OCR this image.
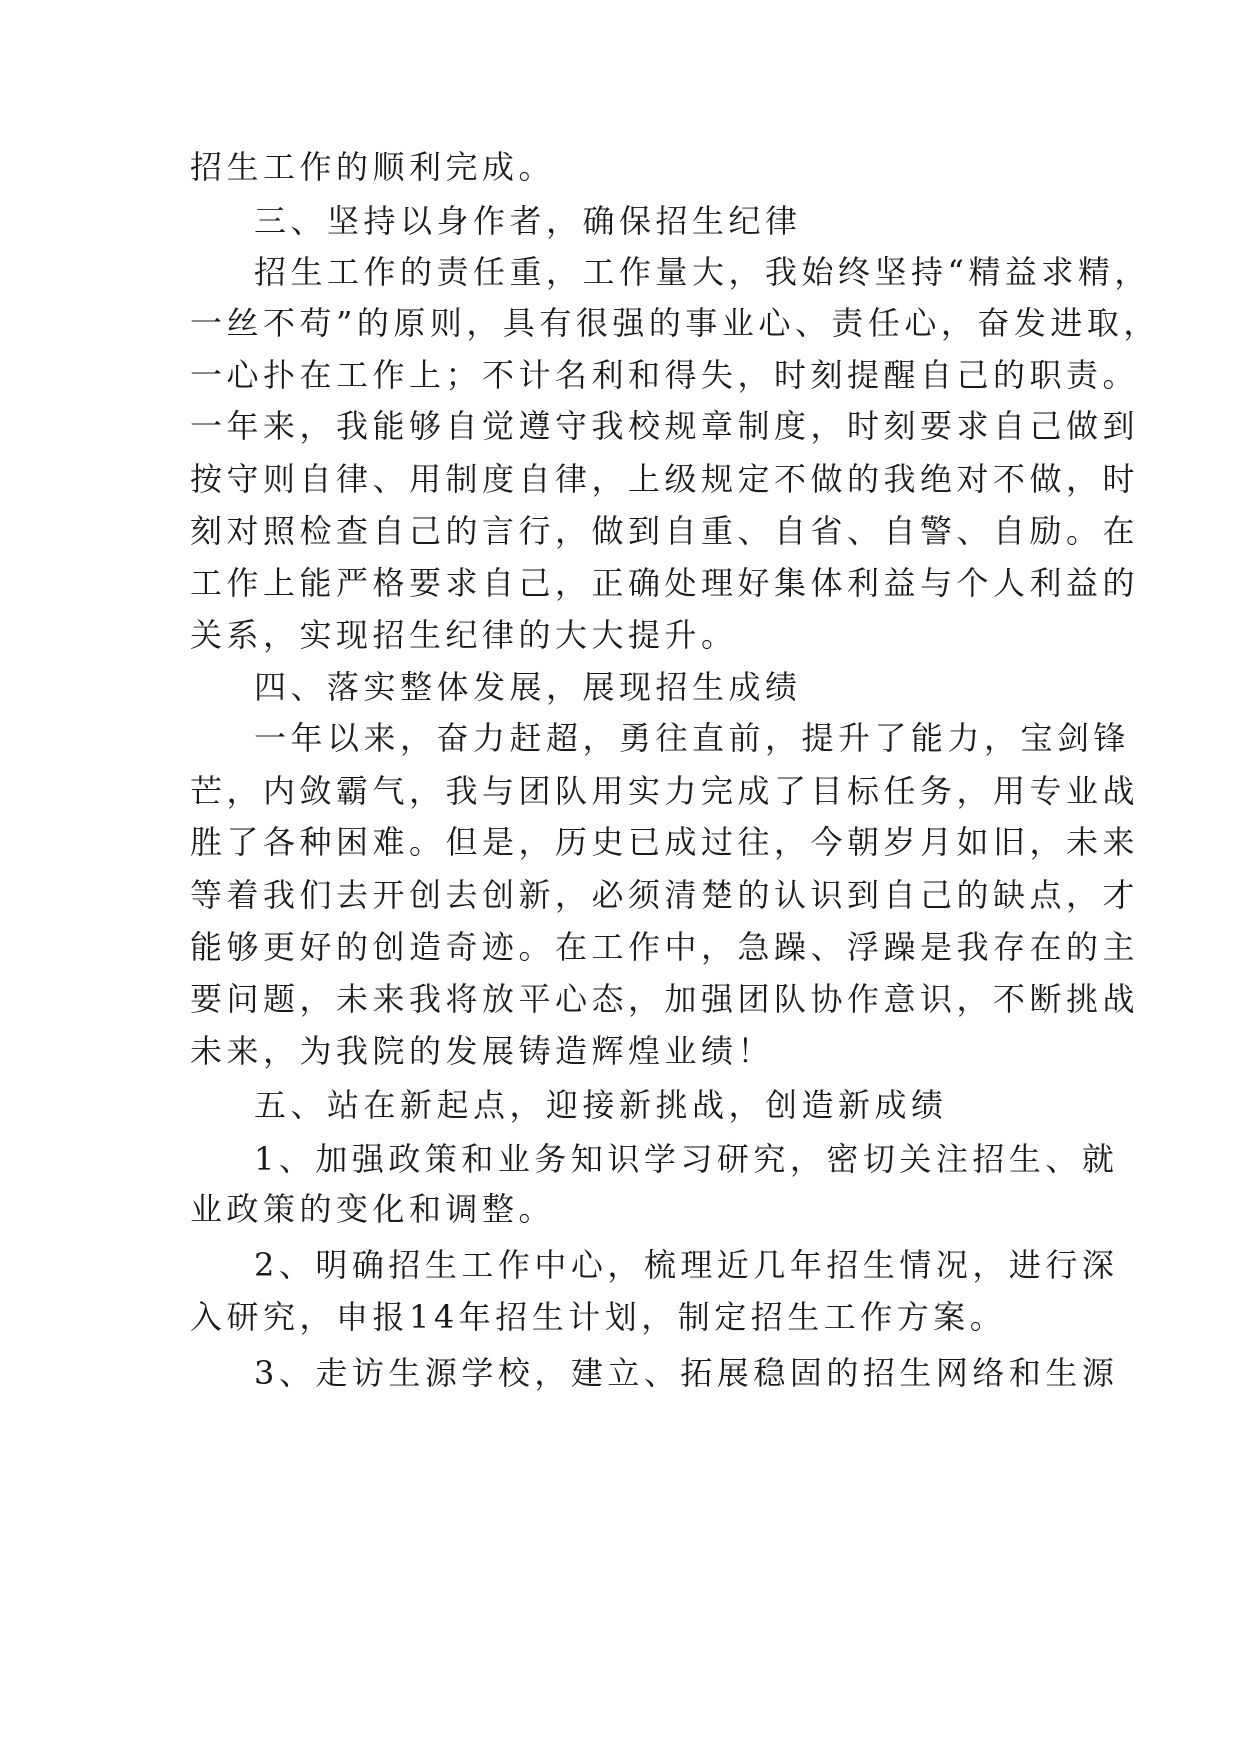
招生工作的顺利完成。
三、坚持以身作者，确保招生纪律
招生工作的责任重，工作量大，我始终坚持“精益求精，
一丝不苟”的原则，具有很强的事业心、责任心，奋发进取，
一心扑在工作上；不计名利和得失，时刻提醒自己的职责。
一年来，我能够自觉遵守我校规章制度，时刻要求自己做到
按守则自律、用制度自律，上级规定不做的我绝对不做，时
刻对照检查自己的言行，做到自重、自省、自警、自励。在
工作上能严格要求自己，正确处理好集体利益与个人利益的
关系，实现招生纪律的大大提升。
四、落实整体发展，展现招生成绩
一年以来，奋力赶超，勇往直前，提升了能力，宝剑锋
芒，内敛霸气，我与团队用实力完成了目标任务，用专业战
胜了各种困难。但是，历史已成过往，今朝岁月如旧，未来
等着我们去开创去创新，必须清楚的认识到自己的缺点，才
能够更好的创造奇迹。在工作中，急躁、浮躁是我存在的主
要问题，未来我将放平心态，加强团队协作意识，不断挑战
未来，为我院的发展铸造辉煌业绩！
五、站在新起点，迎接新挑战，创造新成绩
1、加强政策和业务知识学习研究，密切关注招生、就
业政策的变化和调整。
2、明确招生工作中心，梳理近几年招生情况，进行深
入研究，申报14年招生计划，制定招生工作方案。
3、走访生源学校，建立、拓展稳固的招生网络和生源
